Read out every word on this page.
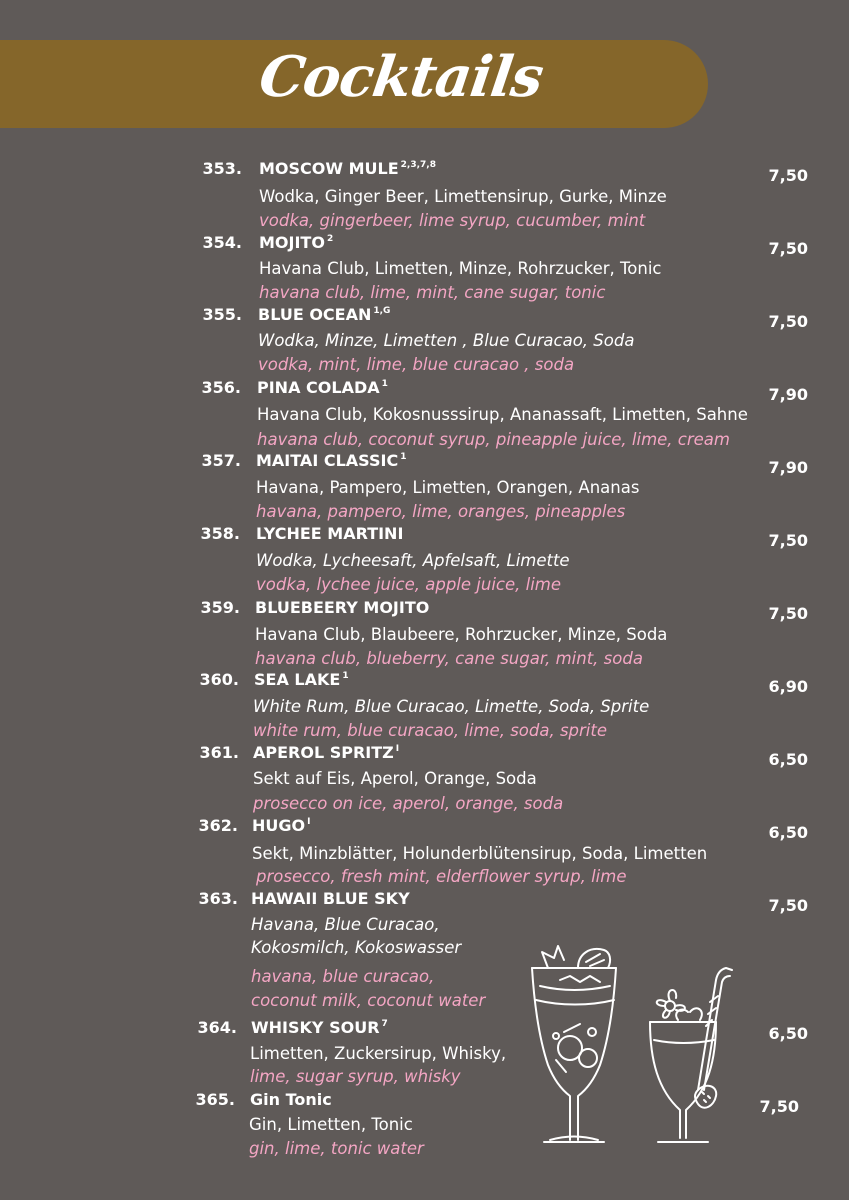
Cocktails
353. MOSCOW MULE $^{2,3,7,8}$
Wodka, Ginger Beer, Limettensirup, Gurke, Minze
vodka, gingerbeer, lime syrup, cucumber, mint
7,50
354. MOJITO $^2$
Havana Club, Limetten, Minze, Rohrzucker, Tonic
havana club, lime, mint, cane sugar, tonic
7,50
355. BLUE OCEAN $^{1,G}$
Wodka, Minze, Limetten , Blue Curacao, Soda
vodka, mint, lime, blue curacao , soda
7,50
356. PINA COLADA $^1$
Havana Club, Kokosnusssirup, Ananassaft, Limetten, Sahne
havana club, coconut syrup, pineapple juice, lime, cream
7,90
357. MAITAI CLASSIC $^1$
Havana, Pampero, Limetten, Orangen, Ananas
havana, pampero, lime, oranges, pineapples
7,90
358. LYCHEE MARTINI
Wodka, Lycheesaft, Apfelsaft, Limette
vodka, lychee juice, apple juice, lime
7,50
359. BLUEBEERY MOJITO
Havana Club, Blaubeere, Rohrzucker, Minze, Soda
havana club, blueberry, cane sugar, mint, soda
7,50
360. SEA LAKE $^1$
White Rum, Blue Curacao, Limette, Soda, Sprite
white rum, blue curacao, lime, soda, sprite
6,90
361. APEROL SPRITZ $^I$
Sekt auf Eis, Aperol, Orange, Soda
prosecco on ice, aperol, orange, soda
6,50
362. HUGO $^I$
Sekt, Minzblätter, Holunderblütensirup, Soda, Limetten
prosecco, fresh mint, elderflower syrup, lime
6,50
363. HAWAII BLUE SKY
Havana, Blue Curacao,
Kokosmilch, Kokoswasser
havana, blue curacao,
coconut milk, coconut water
7,50
364. WHISKY SOUR $^7$
Limetten, Zuckersirup, Whisky,
lime, sugar syrup, whisky
6,50
365. Gin Tonic
Gin, Limetten, Tonic
gin, lime, tonic water
7,50
